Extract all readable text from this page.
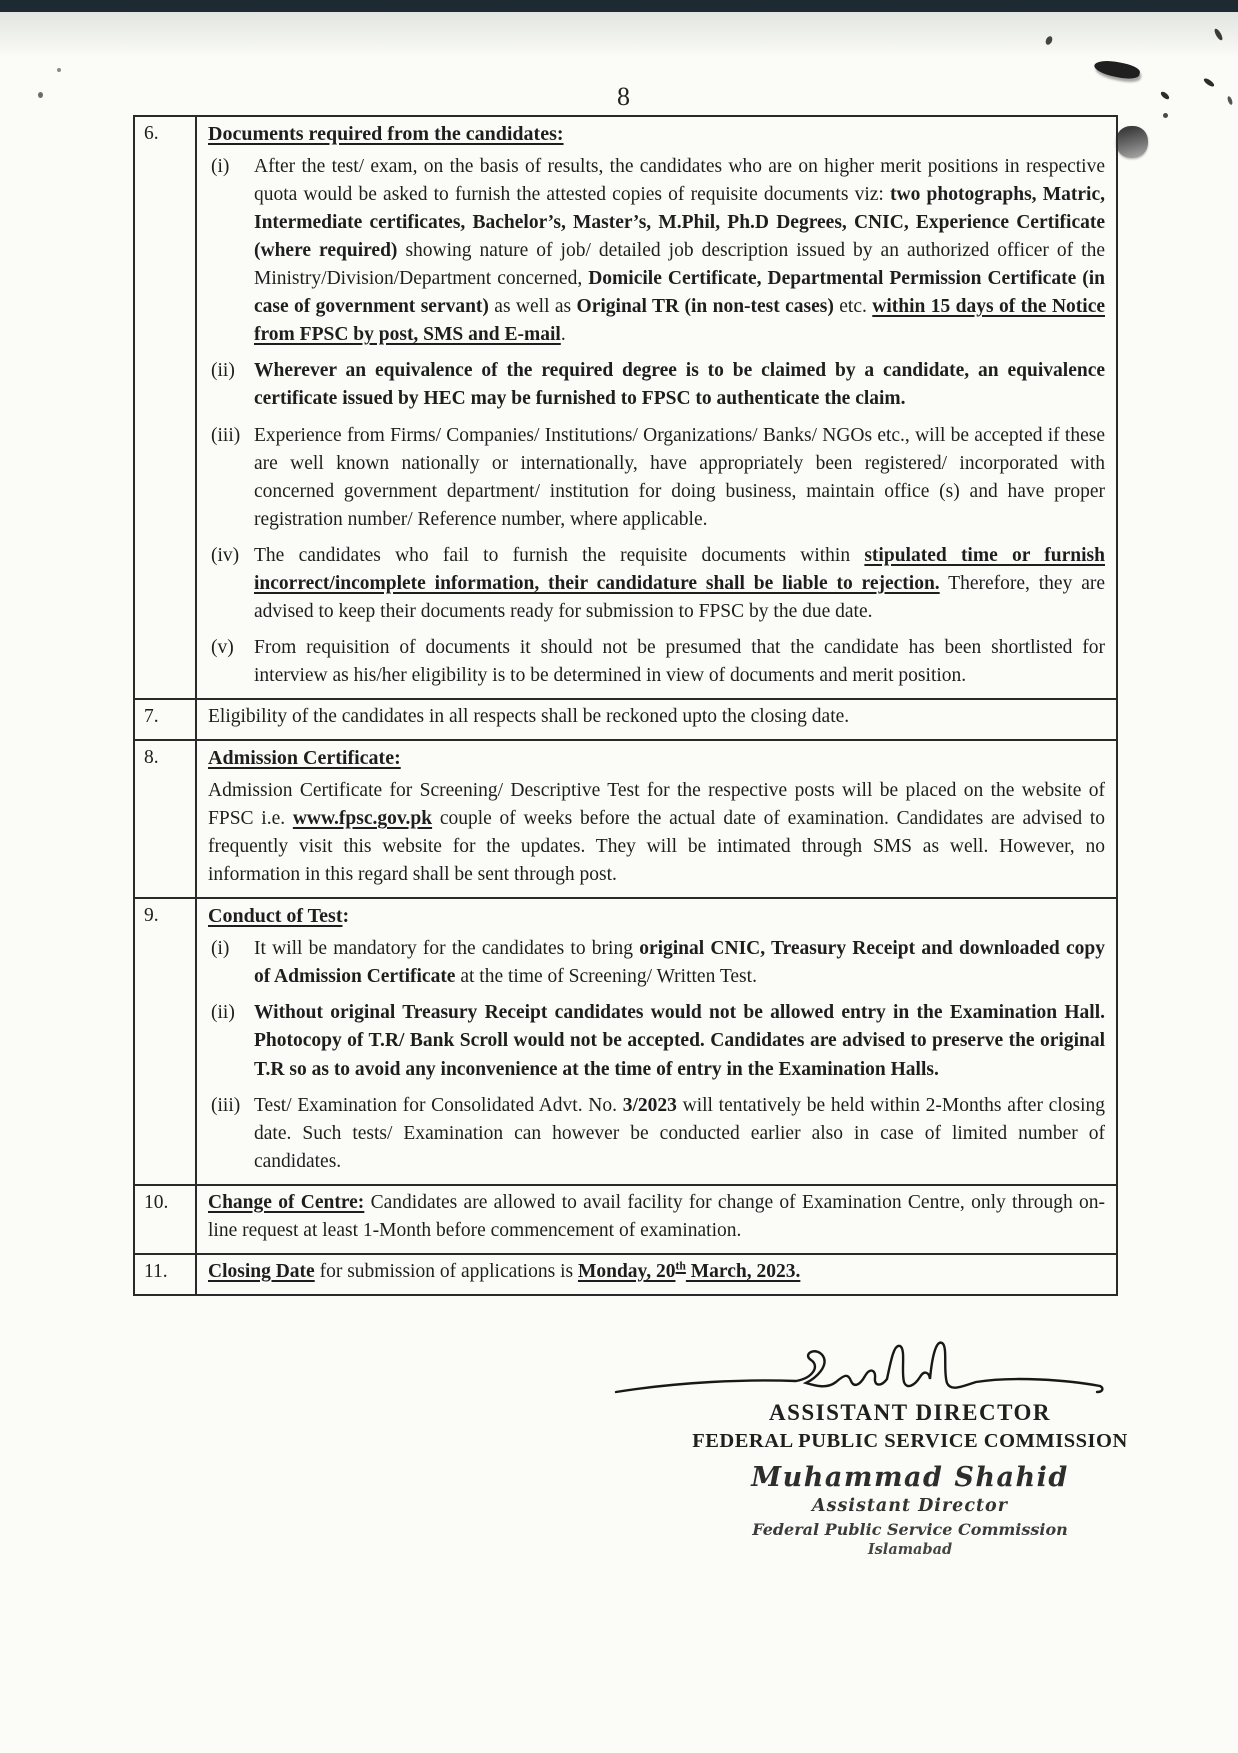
8
6.	Documents required from the candidates:
(i) After the test/ exam, on the basis of results, the candidates who are on higher merit positions in respective quota would be asked to furnish the attested copies of requisite documents viz: two photographs, Matric, Intermediate certificates, Bachelor’s, Master’s, M.Phil, Ph.D Degrees, CNIC, Experience Certificate (where required) showing nature of job/ detailed job description issued by an authorized officer of the Ministry/Division/Department concerned, Domicile Certificate, Departmental Permission Certificate (in case of government servant) as well as Original TR (in non-test cases) etc. within 15 days of the Notice from FPSC by post, SMS and E-mail.
(ii) Wherever an equivalence of the required degree is to be claimed by a candidate, an equivalence certificate issued by HEC may be furnished to FPSC to authenticate the claim.
(iii) Experience from Firms/ Companies/ Institutions/ Organizations/ Banks/ NGOs etc., will be accepted if these are well known nationally or internationally, have appropriately been registered/ incorporated with concerned government department/ institution for doing business, maintain office (s) and have proper registration number/ Reference number, where applicable.
(iv) The candidates who fail to furnish the requisite documents within stipulated time or furnish incorrect/incomplete information, their candidature shall be liable to rejection. Therefore, they are advised to keep their documents ready for submission to FPSC by the due date.
(v) From requisition of documents it should not be presumed that the candidate has been shortlisted for interview as his/her eligibility is to be determined in view of documents and merit position.
7.	Eligibility of the candidates in all respects shall be reckoned upto the closing date.
8.	Admission Certificate:
Admission Certificate for Screening/ Descriptive Test for the respective posts will be placed on the website of FPSC i.e. www.fpsc.gov.pk couple of weeks before the actual date of examination. Candidates are advised to frequently visit this website for the updates. They will be intimated through SMS as well. However, no information in this regard shall be sent through post.
9.	Conduct of Test:
(i) It will be mandatory for the candidates to bring original CNIC, Treasury Receipt and downloaded copy of Admission Certificate at the time of Screening/ Written Test.
(ii) Without original Treasury Receipt candidates would not be allowed entry in the Examination Hall. Photocopy of T.R/ Bank Scroll would not be accepted. Candidates are advised to preserve the original T.R so as to avoid any inconvenience at the time of entry in the Examination Halls.
(iii) Test/ Examination for Consolidated Advt. No. 3/2023 will tentatively be held within 2-Months after closing date. Such tests/ Examination can however be conducted earlier also in case of limited number of candidates.
10.	Change of Centre: Candidates are allowed to avail facility for change of Examination Centre, only through on-line request at least 1-Month before commencement of examination.
11.	Closing Date for submission of applications is Monday, 20th March, 2023.
ASSISTANT DIRECTOR
FEDERAL PUBLIC SERVICE COMMISSION
Muhammad Shahid
Assistant Director
Federal Public Service Commission
Islamabad
